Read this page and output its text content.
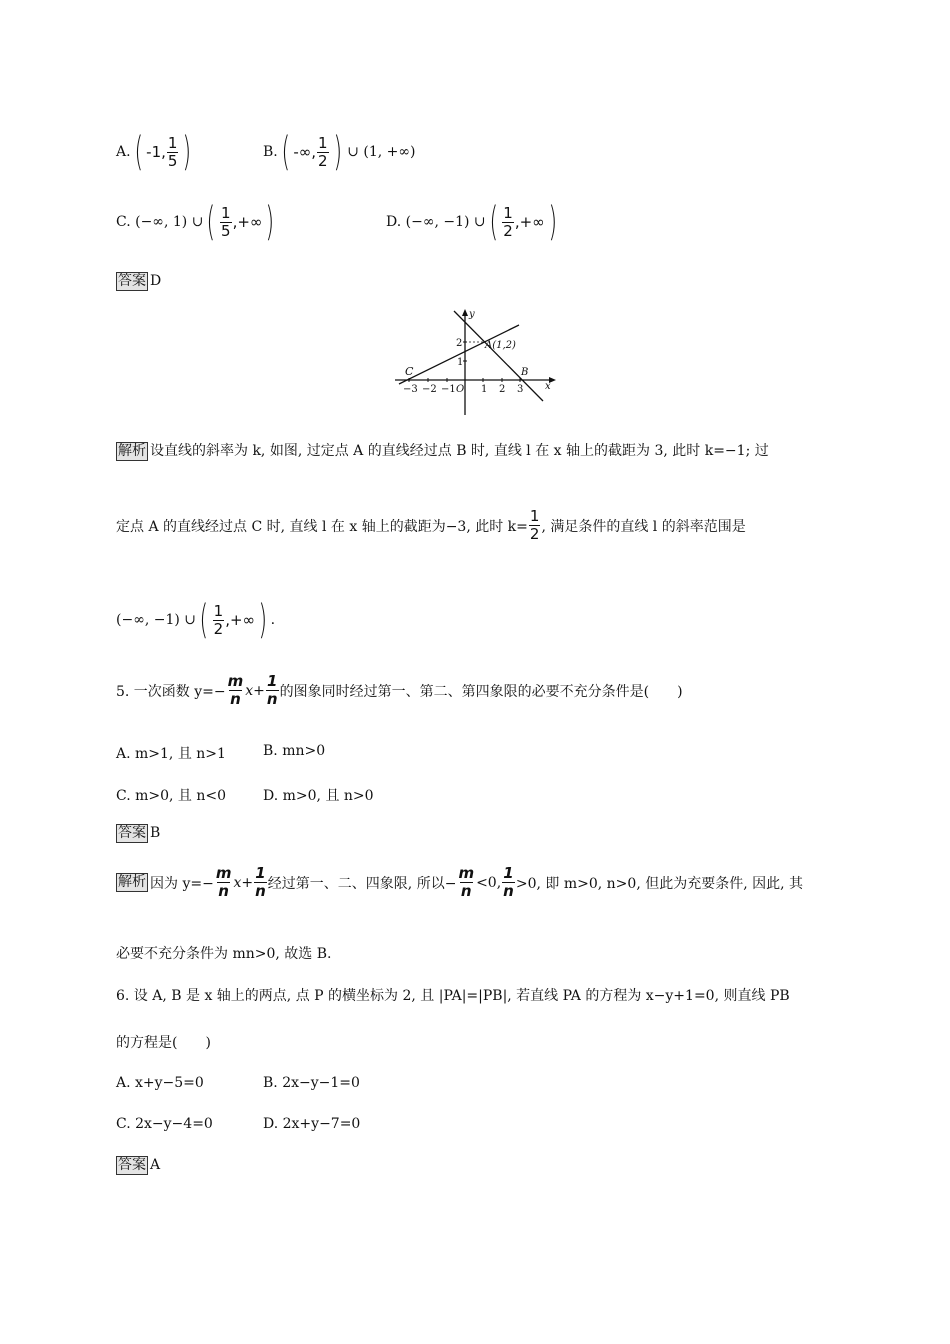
A. ( -1, $\frac{1}{5}$ )	B. ( -∞, $\frac{1}{2}$ ) ∪ (1, +∞)
C. (−∞, 1) ∪ ( $\frac{1}{5}$ ,+∞ )	D. (−∞, −1) ∪ ( $\frac{1}{2}$ ,+∞ )
答案 D
−3 −2 −1	1 2 3
2
1
O
y
x
A(1,2)
B
C
解析 设直线的斜率为 k, 如图, 过定点 A 的直线经过点 B 时, 直线 l 在 x 轴上的截距为 3, 此时 k=−1; 过
定点 A 的直线经过点 C 时, 直线 l 在 x 轴上的截距为−3, 此时 $k= \frac{1}{2}$ , 满足条件的直线 l 的斜率范围是
(−∞, −1) ∪ ( $\frac{1}{2}$ ,+∞ ) .
5. 一次函数 $y=- \frac{m}{n} x+ \frac{1}{n}$ 的图象同时经过第一、第二、第四象限的必要不充分条件是(　　)
A. m>1, 且 n>1	B. mn>0
C. m>0, 且 n<0	D. m>0, 且 n>0
答案 B
解析 因为 $y=- \frac{m}{n} x+ \frac{1}{n}$ 经过第一、二、四象限, 所以− $\frac{m}{n} <0$, $\frac{1}{n} >0$, 即 m>0, n>0, 但此为充要条件, 因此, 其
必要不充分条件为 mn>0, 故选 B.
6. 设 A, B 是 x 轴上的两点, 点 P 的横坐标为 2, 且 |PA|=|PB|, 若直线 PA 的方程为 x−y+1=0, 则直线 PB
的方程是(　　)
A. x+y−5=0	B. 2x−y−1=0
C. 2x−y−4=0	D. 2x+y−7=0
答案 A
